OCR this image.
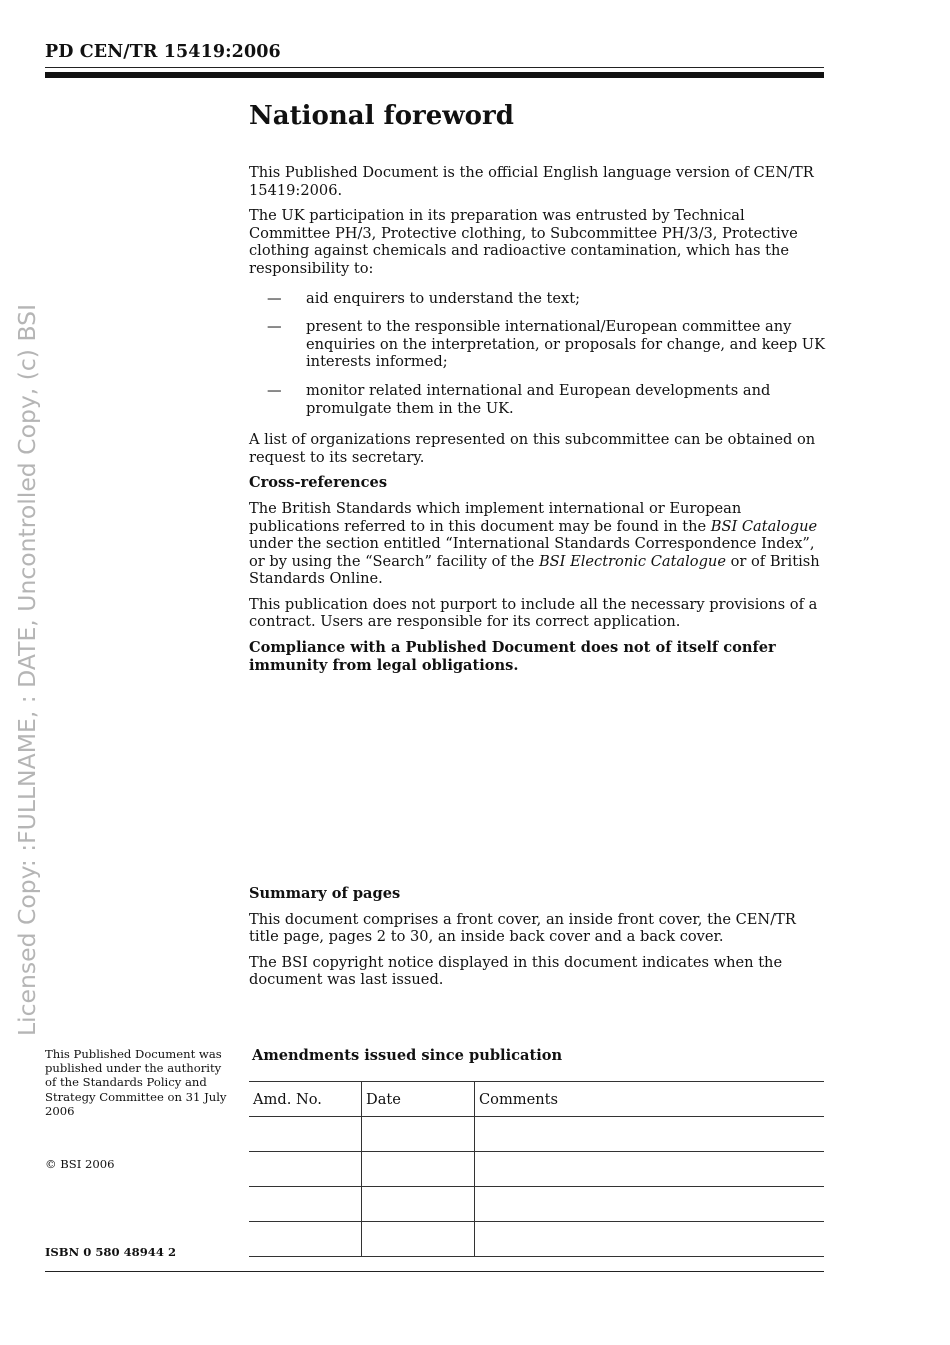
PD CEN/TR 15419:2006
Licensed Copy: :FULLNAME, : DATE, Uncontrolled Copy, (c) BSI
National foreword

This Published Document is the official English language version of CEN/TR 15419:2006.

The UK participation in its preparation was entrusted by Technical Committee PH/3, Protective clothing, to Subcommittee PH/3/3, Protective clothing against chemicals and radioactive contamination, which has the responsibility to:

— aid enquirers to understand the text;
— present to the responsible international/European committee any enquiries on the interpretation, or proposals for change, and keep UK interests informed;
— monitor related international and European developments and promulgate them in the UK.

A list of organizations represented on this subcommittee can be obtained on request to its secretary.

Cross-references

The British Standards which implement international or European publications referred to in this document may be found in the BSI Catalogue under the section entitled “International Standards Correspondence Index”, or by using the “Search” facility of the BSI Electronic Catalogue or of British Standards Online.

This publication does not purport to include all the necessary provisions of a contract. Users are responsible for its correct application.

Compliance with a Published Document does not of itself confer immunity from legal obligations.

Summary of pages

This document comprises a front cover, an inside front cover, the CEN/TR title page, pages 2 to 30, an inside back cover and a back cover.

The BSI copyright notice displayed in this document indicates when the document was last issued.

This Published Document was published under the authority of the Standards Policy and Strategy Committee on 31 July 2006
© BSI 2006
ISBN 0 580 48944 2
Amendments issued since publication
Amd. No.	Date	Comments
